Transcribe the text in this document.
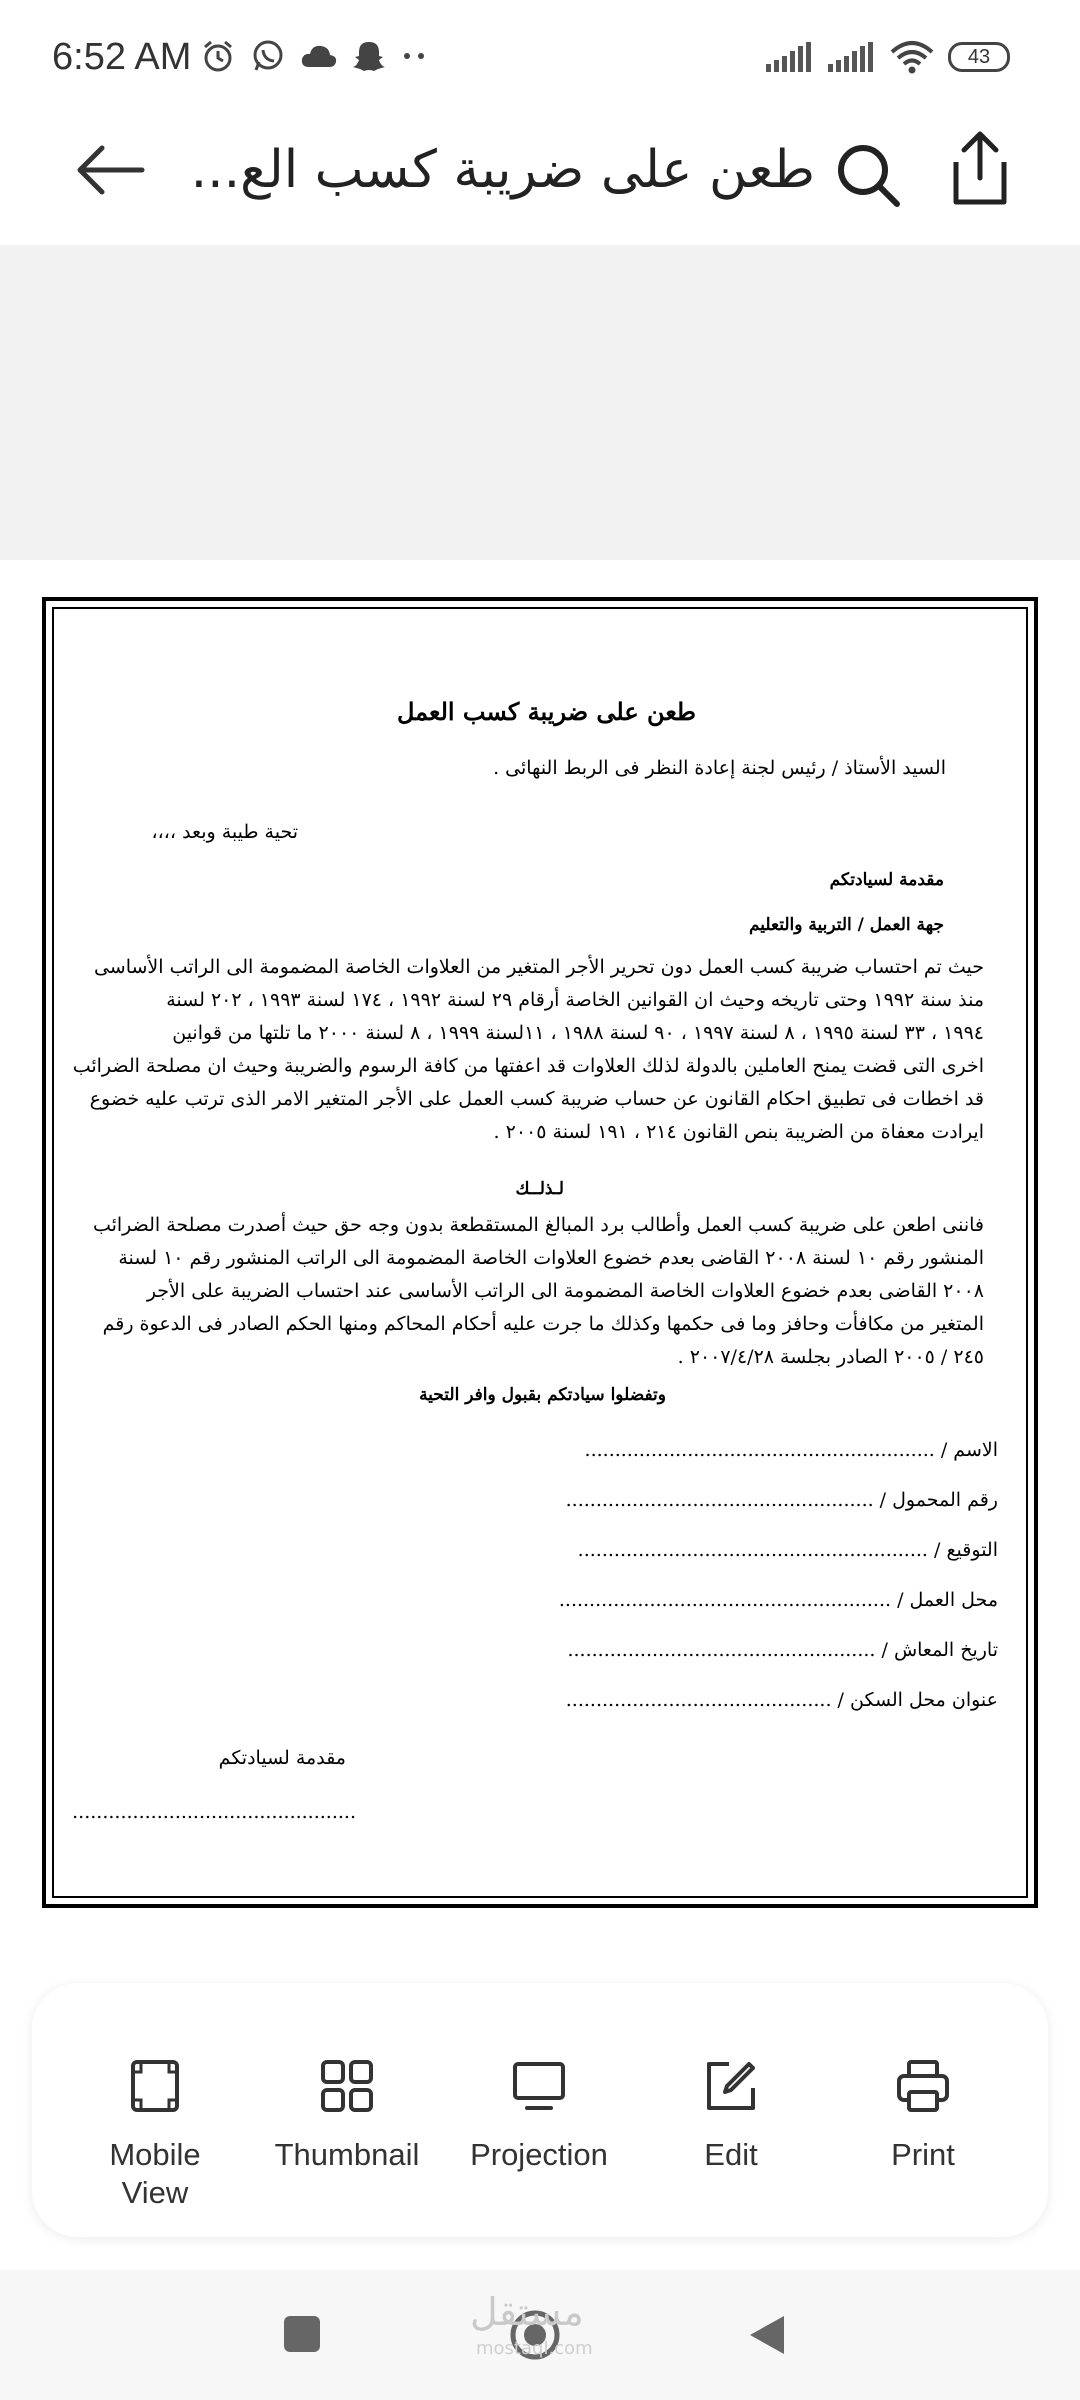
6:52 AM	43
طعن على ضريبة كسب الع...
طعن على ضريبة كسب العمل
السيد الأستاذ / رئيس لجنة إعادة النظر فى الربط النهائى .
تحية طيبة وبعد ،،،،
مقدمة لسيادتكم
جهة العمل / التربية والتعليم
حيث تم احتساب ضريبة كسب العمل دون تحرير الأجر المتغير من العلاوات الخاصة المضمومة الى الراتب الأساسى
منذ سنة ١٩٩٢ وحتى تاريخه وحيث ان القوانين الخاصة أرقام ٢٩ لسنة ١٩٩٢ ، ١٧٤ لسنة ١٩٩٣ ، ٢٠٢ لسنة
١٩٩٤ ، ٣٣ لسنة ١٩٩٥ ، ٨ لسنة ١٩٩٧ ، ٩٠ لسنة ١٩٨٨ ، ١١لسنة ١٩٩٩ ، ٨ لسنة ٢٠٠٠ ما تلتها من قوانين
اخرى التى قضت يمنح العاملين بالدولة لذلك العلاوات قد اعفتها من كافة الرسوم والضريبة وحيث ان مصلحة الضرائب
قد اخطات فى تطبيق احكام القانون عن حساب ضريبة كسب العمل على الأجر المتغير الامر الذى ترتب عليه خضوع
ايرادت معفاة من الضريبة بنص القانون ٢١٤ ، ١٩١ لسنة ٢٠٠٥ .
لـذلــك
فاننى اطعن على ضريبة كسب العمل وأطالب برد المبالغ المستقطعة بدون وجه حق حيث أصدرت مصلحة الضرائب
المنشور رقم ١٠ لسنة ٢٠٠٨ القاضى بعدم خضوع العلاوات الخاصة المضمومة الى الراتب المنشور رقم ١٠ لسنة
٢٠٠٨ القاضى بعدم خضوع العلاوات الخاصة المضمومة الى الراتب الأساسى عند احتساب الضريبة على الأجر
المتغير من مكافأت وحافز وما فى حكمها وكذلك ما جرت عليه أحكام المحاكم ومنها الحكم الصادر فى الدعوة رقم
٢٤٥ / ٢٠٠٥ الصادر بجلسة ٢٠٠٧/٤/٢٨ .
وتفضلوا سيادتكم بقبول وافر التحية
الاسم / ..........................................................
رقم المحمول / ...................................................
التوقيع / ..........................................................
محل العمل / .......................................................
تاريخ المعاش / ...................................................
عنوان محل السكن / ............................................
مقدمة لسيادتكم
...............................................
Mobile
View
Thumbnail Projection	Edit	Print
مستقل
mostaql.com
